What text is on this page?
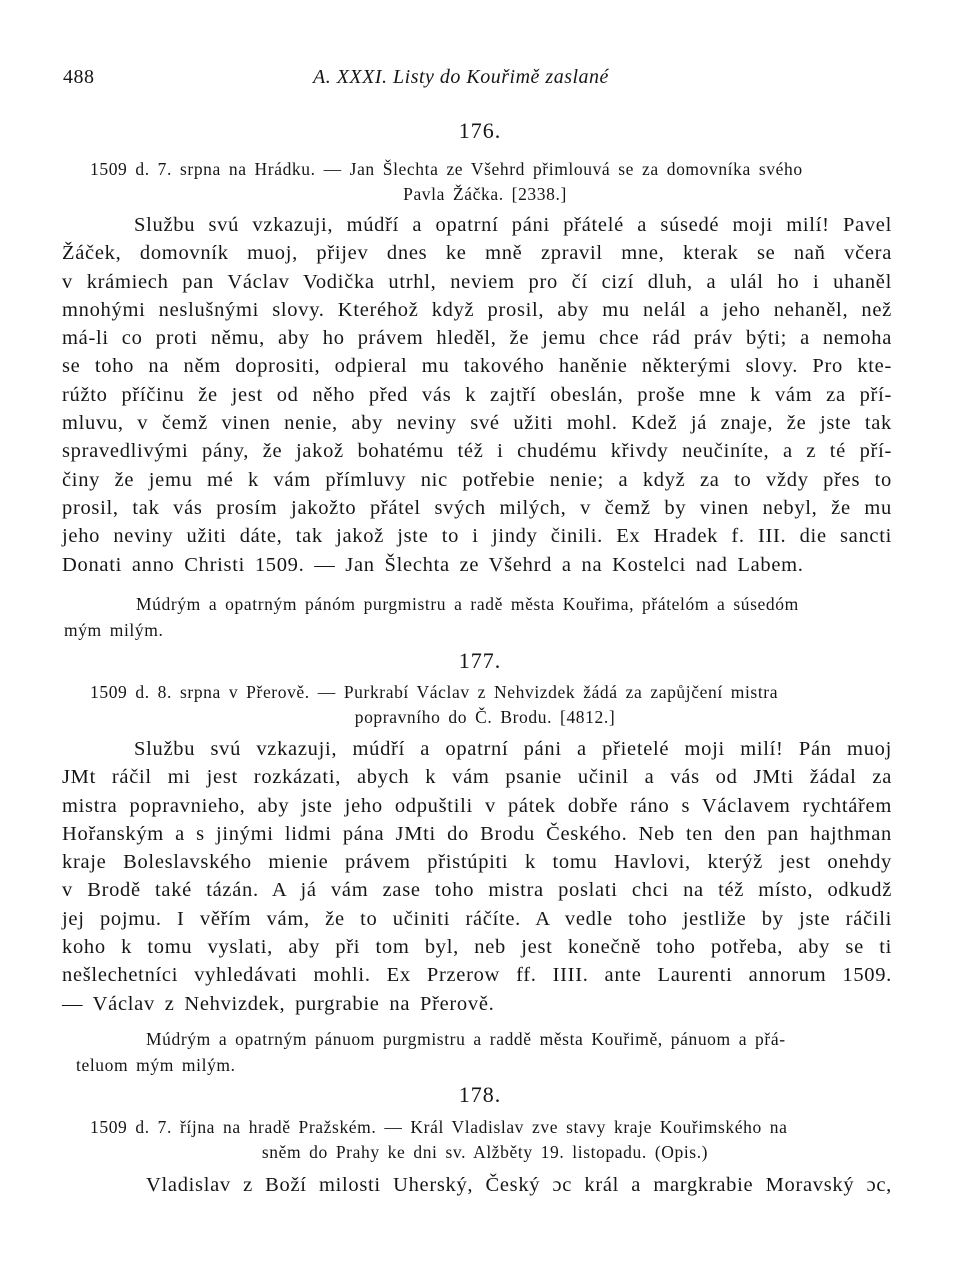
488	A. XXXI. Listy do Kouřimě zaslané
176.
1509 d. 7. srpna na Hrádku. — Jan Šlechta ze Všehrd přimlouvá se za domovníka svého
Pavla Žáčka. [2338.]
Službu svú vzkazuji, múdří a opatrní páni přátelé a súsedé moji milí! Pavel
Žáček, domovník muoj, přijev dnes ke mně zpravil mne, kterak se naň včera
v krámiech pan Václav Vodička utrhl, neviem pro čí cizí dluh, a ulál ho i uhaněl
mnohými neslušnými slovy. Kteréhož když prosil, aby mu nelál a jeho nehaněl, než
má-li co proti němu, aby ho právem hleděl, že jemu chce rád práv býti; a nemoha
se toho na něm doprositi, odpieral mu takového haněnie některými slovy. Pro kte-
rúžto příčinu že jest od něho před vás k zajtří obeslán, proše mne k vám za pří-
mluvu, v čemž vinen nenie, aby neviny své užiti mohl. Kdež já znaje, že jste tak
spravedlivými pány, že jakož bohatému též i chudému křivdy neučiníte, a z té pří-
činy že jemu mé k vám přímluvy nic potřebie nenie; a když za to vždy přes to
prosil, tak vás prosím jakožto přátel svých milých, v čemž by vinen nebyl, že mu
jeho neviny užiti dáte, tak jakož jste to i jindy činili. Ex Hradek f. III. die sancti
Donati anno Christi 1509. — Jan Šlechta ze Všehrd a na Kostelci nad Labem.
Múdrým a opatrným pánóm purgmistru a radě města Kouřima, přátelóm a súsedóm
mým milým.
177.
1509 d. 8. srpna v Přerově. — Purkrabí Václav z Nehvizdek žádá za zapůjčení mistra
popravního do Č. Brodu. [4812.]
Službu svú vzkazuji, múdří a opatrní páni a přietelé moji milí! Pán muoj
JMt ráčil mi jest rozkázati, abych k vám psanie učinil a vás od JMti žádal za
mistra popravnieho, aby jste jeho odpuštili v pátek dobře ráno s Václavem rychtářem
Hořanským a s jinými lidmi pána JMti do Brodu Českého. Neb ten den pan hajthman
kraje Boleslavského mienie právem přistúpiti k tomu Havlovi, kterýž jest onehdy
v Brodě také tázán. A já vám zase toho mistra poslati chci na též místo, odkudž
jej pojmu. I věřím vám, že to učiniti ráčíte. A vedle toho jestliže by jste ráčili
koho k tomu vyslati, aby při tom byl, neb jest konečně toho potřeba, aby se ti
nešlechetníci vyhledávati mohli. Ex Przerow ff. IIII. ante Laurenti annorum 1509.
— Václav z Nehvizdek, purgrabie na Přerově.
Múdrým a opatrným pánuom purgmistru a raddě města Kouřimě, pánuom a přá-
teluom mým milým.
178.
1509 d. 7. října na hradě Pražském. — Král Vladislav zve stavy kraje Kouřimského na
sněm do Prahy ke dni sv. Alžběty 19. listopadu. (Opis.)
Vladislav z Boží milosti Uherský, Český ɔc král a margkrabie Moravský ɔc,
